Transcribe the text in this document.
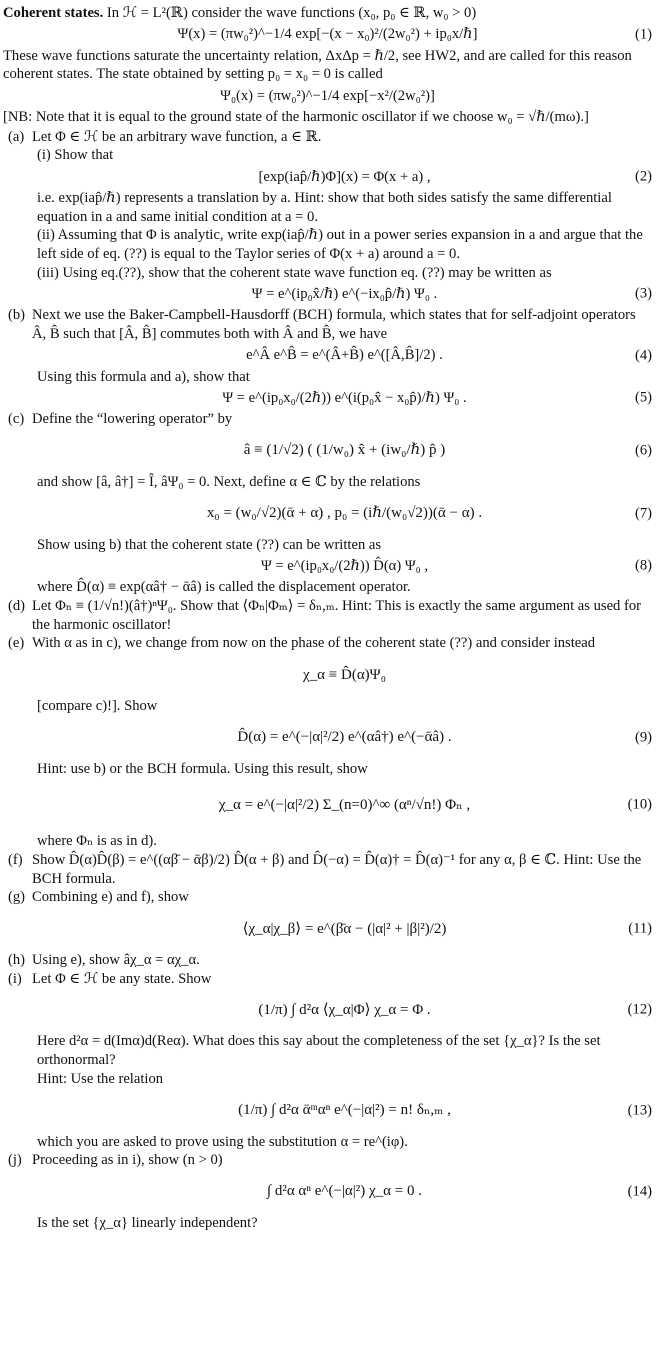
Coherent states. In ℋ = L²(ℝ) consider the wave functions (x₀, p₀ ∈ ℝ, w₀ > 0)

Ψ(x) = (πw₀²)^−1/4 exp[−(x − x₀)²/(2w₀²) + ip₀x/ℏ]	(1)

These wave functions saturate the uncertainty relation, ΔxΔp = ℏ/2, see HW2, and are called for this reason coherent states. The state obtained by setting p₀ = x₀ = 0 is called

Ψ₀(x) = (πw₀²)^−1/4 exp[−x²/(2w₀²)]

[NB: Note that it is equal to the ground state of the harmonic oscillator if we choose w₀ = √ℏ/(mω).]

(a) Let Φ ∈ ℋ be an arbitrary wave function, a ∈ ℝ.

(i) Show that

[exp(iap̂/ℏ)Φ](x) = Φ(x + a) ,	(2)

i.e. exp(iap̂/ℏ) represents a translation by a. Hint: show that both sides satisfy the same differential equation in a and same initial condition at a = 0.

(ii) Assuming that Φ is analytic, write exp(iap̂/ℏ) out in a power series expansion in a and argue that the left side of eq. (??) is equal to the Taylor series of Φ(x + a) around a = 0.

(iii) Using eq.(??), show that the coherent state wave function eq. (??) may be written as

Ψ = e^(ip₀x̂/ℏ) e^(−ix₀p̂/ℏ) Ψ₀ .	(3)
(b) Next we use the Baker-Campbell-Hausdorff (BCH) formula, which states that for self-adjoint operators Â, B̂ such that [Â, B̂] commutes both with Â and B̂, we have
e^Â e^B̂ = e^(Â+B̂) e^([Â,B̂]/2) .	(4)

Using this formula and a), show that

Ψ = e^(ip₀x₀/(2ℏ)) e^(i(p₀x̂ − x₀p̂)/ℏ) Ψ₀ .	(5)
(c) Define the “lowering operator” by
â ≡ (1/√2) ( (1/w₀) x̂ + (iw₀/ℏ) p̂ )	(6)

and show [â, â†] = Î, âΨ₀ = 0. Next, define α ∈ ℂ by the relations

x₀ = (w₀/√2)(ᾱ + α) , p₀ = (iℏ/(w₀√2))(ᾱ − α) .	(7)

Show using b) that the coherent state (??) can be written as

Ψ = e^(ip₀x₀/(2ℏ)) D̂(α) Ψ₀ ,	(8)

where D̂(α) ≡ exp(αâ† − ᾱâ) is called the displacement operator.

(d) Let Φₙ ≡ (1/√n!)(â†)ⁿΨ₀. Show that ⟨Φₙ|Φₘ⟩ = δₙ,ₘ. Hint: This is exactly the same argument as used for the harmonic oscillator!
(e) With α as in c), we change from now on the phase of the coherent state (??) and consider instead
χ_α ≡ D̂(α)Ψ₀

[compare c)!]. Show

D̂(α) = e^(−|α|²/2) e^(αâ†) e^(−ᾱâ) .	(9)

Hint: use b) or the BCH formula. Using this result, show

χ_α = e^(−|α|²/2) Σ_(n=0)^∞ (αⁿ/√n!) Φₙ ,	(10)

where Φₙ is as in d).

(f) Show D̂(α)D̂(β) = e^((αβ̄ − ᾱβ)/2) D̂(α + β) and D̂(−α) = D̂(α)† = D̂(α)⁻¹ for any α, β ∈ ℂ. Hint: Use the BCH formula.
(g) Combining e) and f), show
⟨χ_α|χ_β⟩ = e^(β̄α − (|α|² + |β|²)/2)	(11)
(h) Using e), show âχ_α = αχ_α.
(i) Let Φ ∈ ℋ be any state. Show
(1/π) ∫ d²α ⟨χ_α|Φ⟩ χ_α = Φ .	(12)

Here d²α = d(Imα)d(Reα). What does this say about the completeness of the set {χ_α}? Is the set orthonormal?

Hint: Use the relation

(1/π) ∫ d²α ᾱᵐαⁿ e^(−|α|²) = n! δₙ,ₘ ,	(13)

which you are asked to prove using the substitution α = re^(iφ).

(j) Proceeding as in i), show (n > 0)
∫ d²α αⁿ e^(−|α|²) χ_α = 0 .	(14)

Is the set {χ_α} linearly independent?
